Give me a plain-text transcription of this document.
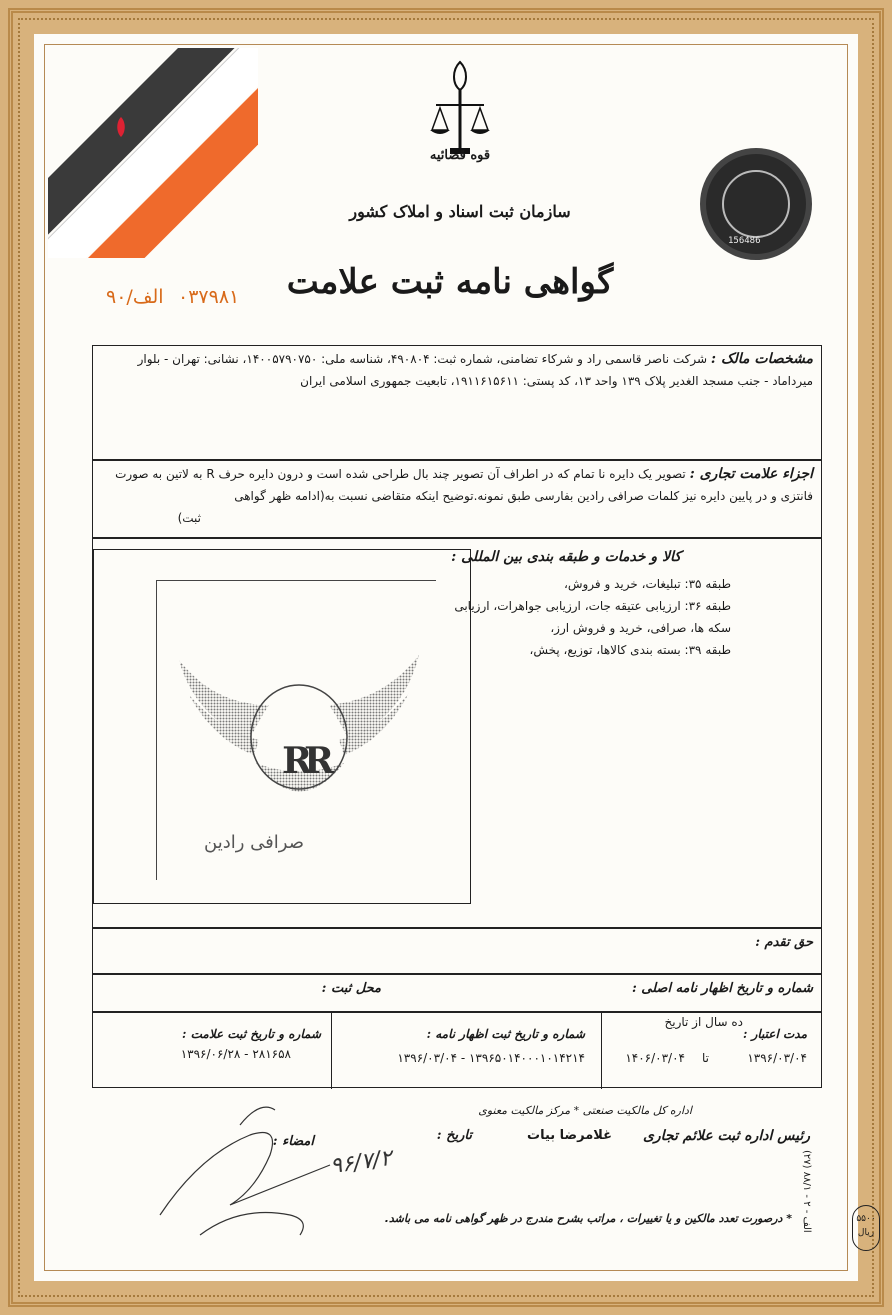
قوه قضائیه
سازمان ثبت اسناد و املاک کشور
156486
گواهی نامه ثبت علامت
الف/۹۰ ۰۳۷۹۸۱
مشخصات مالک : شرکت ناصر قاسمی راد و شرکاء تضامنی، شماره ثبت: ۴۹۰۸۰۴، شناسه ملی: ۱۴۰۰۵۷۹۰۷۵۰، نشانی: تهران - بلوار
میرداماد - جنب مسجد الغدیر پلاک ۱۳۹ واحد ۱۳، کد پستی: ۱۹۱۱۶۱۵۶۱۱، تابعیت جمهوری اسلامی ایران
اجزاء علامت تجاری : تصویر یک دایره نا تمام که در اطراف آن تصویر چند بال طراحی شده است و درون دایره حرف R به لاتین به صورت
فانتزی و در پایین دایره نیز کلمات صرافی رادین بفارسی طبق نمونه.توضیح اینکه متقاضی نسبت به(ادامه ظهر گواهی
ثبت)
کالا و خدمات و طبقه بندی بین المللی :
طبقه ۳۵: تبلیغات، خرید و فروش،
طبقه ۳۶: ارزیابی عتیقه جات، ارزیابی جواهرات، ارزیابی
سکه ها، صرافی، خرید و فروش ارز،
طبقه ۳۹: بسته بندی کالاها، توزیع، پخش،
RR
صرافی رادین
حق تقدم :
شماره و تاریخ اظهار نامه اصلی :
محل ثبت :
مدت اعتبار :
ده سال از تاریخ
۱۳۹۶/۰۳/۰۴
تا
۱۴۰۶/۰۳/۰۴
شماره و تاریخ ثبت اظهار نامه :
۱۳۹۶۵۰۱۴۰۰۰۱۰۱۴۲۱۴ - ۱۳۹۶/۰۳/۰۴
شماره و تاریخ ثبت علامت :
۲۸۱۶۵۸ - ۱۳۹۶/۰۶/۲۸
اداره کل مالکیت صنعتی * مرکز مالکیت معنوی
رئیس اداره ثبت علائم تجاری
غلامرضا بیات
تاریخ :
امضاء :
۹۶/۷/۲
* درصورت تعدد مالکین و یا تغییرات ، مراتب بشرح مندرج در ظهر گواهی نامه می باشد.
(۲۷) الف - ۲ - ۸۸/۱	۵۵۰۰ ریال
